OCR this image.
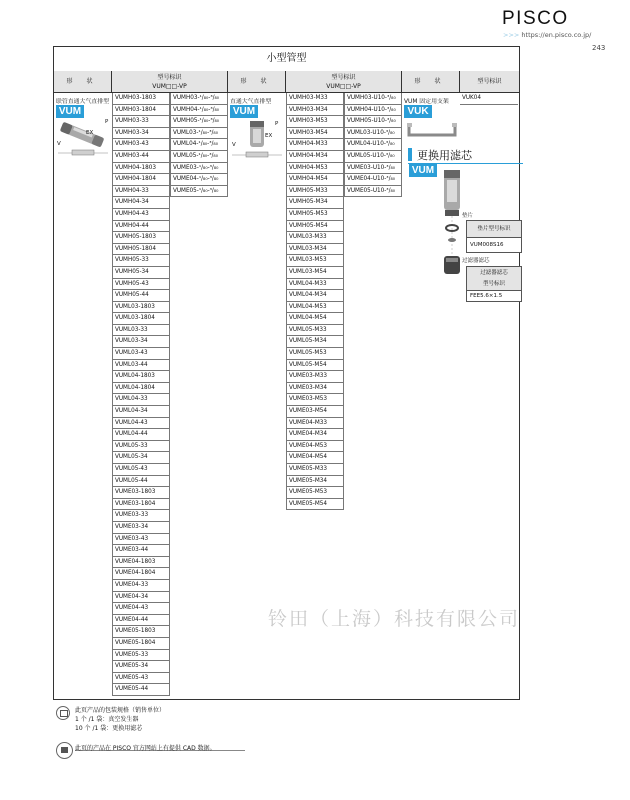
PISCO
>>> https://en.pisco.co.jp/
243
小型管型
形 状
型号标识
VUM□□-VP
形 状
型号标识
VUM□□-VP
形 状	型号标识
联管直通大气直排型
VUM
P
EX
V
直通大气直排型
VUM
P
EX
V
VUM 固定用支架
VUK
VUK04
VUMH03-1803
VUMH03-1804
VUMH03-33
VUMH03-34
VUMH03-43
VUMH03-44
VUMH04-1803
VUMH04-1804
VUMH04-33
VUMH04-34
VUMH04-43
VUMH04-44
VUMH05-1803
VUMH05-1804
VUMH05-33
VUMH05-34
VUMH05-43
VUMH05-44
VUML03-1803
VUML03-1804
VUML03-33
VUML03-34
VUML03-43
VUML03-44
VUML04-1803
VUML04-1804
VUML04-33
VUML04-34
VUML04-43
VUML04-44
VUML05-33
VUML05-34
VUML05-43
VUML05-44
VUME03-1803
VUME03-1804
VUME03-33
VUME03-34
VUME03-43
VUME03-44
VUME04-1803
VUME04-1804
VUME04-33
VUME04-34
VUME04-43
VUME04-44
VUME05-1803
VUME05-1804
VUME05-33
VUME05-34
VUME05-43
VUME05-44
VUMH03-¹/₈₀-³/₈₀
VUMH04-¹/₈₀-³/₈₀
VUMH05-¹/₈₀-³/₈₀
VUML03-¹/₈₀-³/₈₀
VUML04-¹/₈₀-³/₈₀
VUML05-¹/₈₀-³/₈₀
VUME03-¹/₈₀-³/₈₀
VUME04-¹/₈₀-³/₈₀
VUME05-¹/₈₀-³/₈₀
VUMH03-M33
VUMH03-M34
VUMH03-M53
VUMH03-M54
VUMH04-M33
VUMH04-M34
VUMH04-M53
VUMH04-M54
VUMH05-M33
VUMH05-M34
VUMH05-M53
VUMH05-M54
VUML03-M33
VUML03-M34
VUML03-M53
VUML03-M54
VUML04-M33
VUML04-M34
VUML04-M53
VUML04-M54
VUML05-M33
VUML05-M34
VUML05-M53
VUML05-M54
VUME03-M33
VUME03-M34
VUME03-M53
VUME03-M54
VUME04-M33
VUME04-M34
VUME04-M53
VUME04-M54
VUME05-M33
VUME05-M34
VUME05-M53
VUME05-M54
VUMH03-U10-³/₈₀
VUMH04-U10-³/₈₀
VUMH05-U10-³/₈₀
VUML03-U10-³/₈₀
VUML04-U10-³/₈₀
VUML05-U10-³/₈₀
VUME03-U10-³/₈₀
VUME04-U10-³/₈₀
VUME05-U10-³/₈₀
更换用滤芯
VUM
垫片
垫片型号标识
VUM008S16
过滤器滤芯
过滤器滤芯
型号标识
FEE5.6×1.5
铃田（上海）科技有限公司
此页产品的包装规格（销售单位）
1 个 /1 袋：真空发生器
10 个 /1 袋：更换用滤芯
此页的产品在 PISCO 官方网站上有提供 CAD 数据。
